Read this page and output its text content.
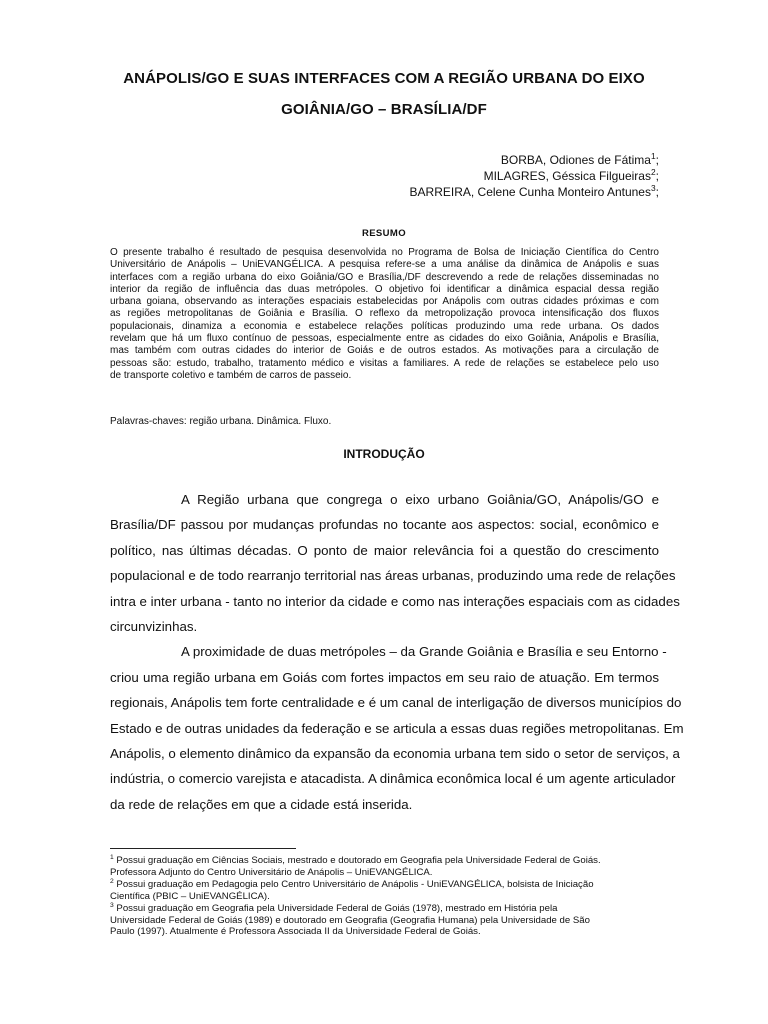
ANÁPOLIS/GO E SUAS INTERFACES COM A REGIÃO URBANA DO EIXO
GOIÂNIA/GO – BRASÍLIA/DF
BORBA, Odiones de Fátima$^1$;
MILAGRES, Géssica Filgueiras$^2$;
BARREIRA, Celene Cunha Monteiro Antunes$^3$;
RESUMO
O presente trabalho é resultado de pesquisa desenvolvida no Programa de Bolsa de Iniciação Científica do Centro
Universitário de Anápolis – UniEVANGÉLICA. A pesquisa refere-se a uma análise da dinâmica de Anápolis e suas
interfaces com a região urbana do eixo Goiânia/GO e Brasília,/DF descrevendo a rede de relações disseminadas no
interior da região de influência das duas metrópoles. O objetivo foi identificar a dinâmica espacial dessa região
urbana goiana, observando as interações espaciais estabelecidas por Anápolis com outras cidades próximas e com
as regiões metropolitanas de Goiânia e Brasília. O reflexo da metropolização provoca intensificação dos fluxos
populacionais, dinamiza a economia e estabelece relações políticas produzindo uma rede urbana. Os dados
revelam que há um fluxo contínuo de pessoas, especialmente entre as cidades do eixo Goiânia, Anápolis e Brasília,
mas também com outras cidades do interior de Goiás e de outros estados. As motivações para a circulação de
pessoas são: estudo, trabalho, tratamento médico e visitas a familiares. A rede de relações se estabelece pelo uso
de transporte coletivo e também de carros de passeio.
Palavras-chaves: região urbana. Dinâmica. Fluxo.
INTRODUÇÃO
A Região urbana que congrega o eixo urbano Goiânia/GO, Anápolis/GO e
Brasília/DF passou por mudanças profundas no tocante aos aspectos: social, econômico e
político, nas últimas décadas. O ponto de maior relevância foi a questão do crescimento
populacional e de todo rearranjo territorial nas áreas urbanas, produzindo uma rede de relações
intra e inter urbana - tanto no interior da cidade e como nas interações espaciais com as cidades
circunvizinhas.
A proximidade de duas metrópoles – da Grande Goiânia e Brasília e seu Entorno -
criou uma região urbana em Goiás com fortes impactos em seu raio de atuação. Em termos
regionais, Anápolis tem forte centralidade e é um canal de interligação de diversos municípios do
Estado e de outras unidades da federação e se articula a essas duas regiões metropolitanas. Em
Anápolis, o elemento dinâmico da expansão da economia urbana tem sido o setor de serviços, a
indústria, o comercio varejista e atacadista. A dinâmica econômica local é um agente articulador
da rede de relações em que a cidade está inserida.
$^1$ Possui graduação em Ciências Sociais, mestrado e doutorado em Geografia pela Universidade Federal de Goiás.
Professora Adjunto do Centro Universitário de Anápolis – UniEVANGÉLICA.
$^2$ Possui graduação em Pedagogia pelo Centro Universitário de Anápolis - UniEVANGÉLICA, bolsista de Iniciação
Científica (PBIC – UniEVANGÉLICA).
$^3$ Possui graduação em Geografia pela Universidade Federal de Goiás (1978), mestrado em História pela
Universidade Federal de Goiás (1989) e doutorado em Geografia (Geografia Humana) pela Universidade de São
Paulo (1997). Atualmente é Professora Associada II da Universidade Federal de Goiás.
